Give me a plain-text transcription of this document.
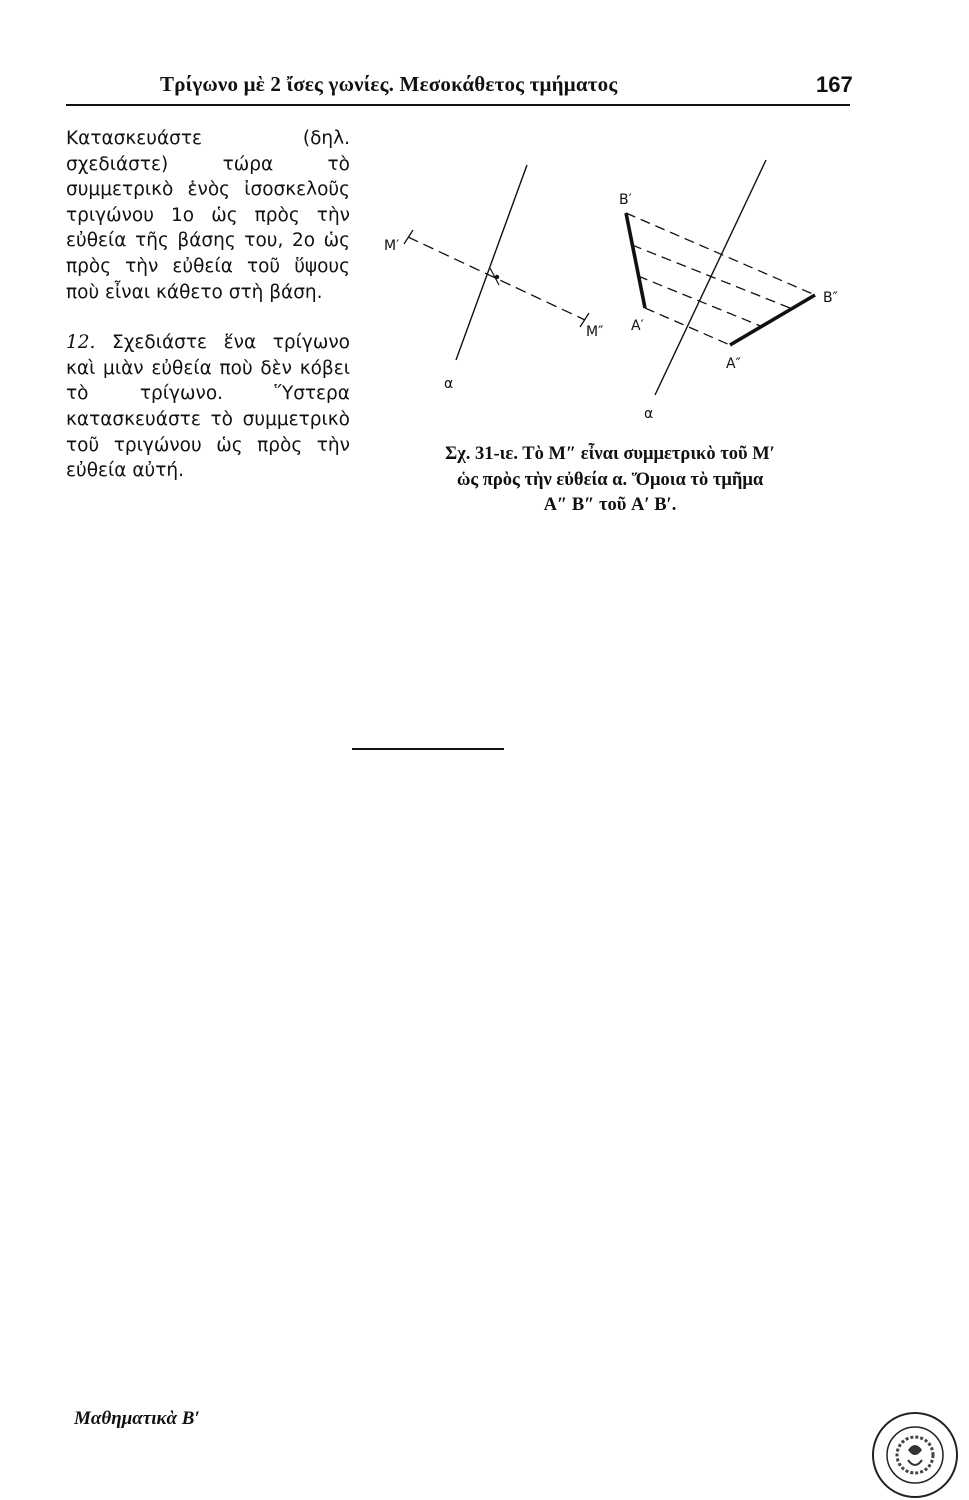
Τρίγωνο μὲ 2 ἴσες γωνίες. Μεσοκάθετος τμήματος	167

Κατασκευάστε (δηλ. σχεδιάστε) τώρα τὸ συμμετρικὸ ἑνὸς ἰσοσκελοῦς τριγώνου 1ο ὡς πρὸς τὴν εὐθεία τῆς βάσης του, 2ο ὡς πρὸς τὴν εὐθεία τοῦ ὕψους ποὺ εἶναι κάθετο στὴ βάση.

12. Σχεδιάστε ἕνα τρίγωνο καὶ μιὰν εὐθεία ποὺ δὲν κόβει τὸ τρίγωνο. Ὕστερα κατασκευάστε τὸ συμμετρικὸ τοῦ τριγώνου ὡς πρὸς τὴν εὐθεία αὐτή.

M′
M″
α
B′
B″
A′
A″
α
Σχ. 31-ιε. Τὸ M″ εἶναι συμμετρικὸ τοῦ M′
ὡς πρὸς τὴν εὐθεία α. Ὅμοια τὸ τμῆμα
A″ B″ τοῦ A′ B′.
Μαθηματικὰ Β′
